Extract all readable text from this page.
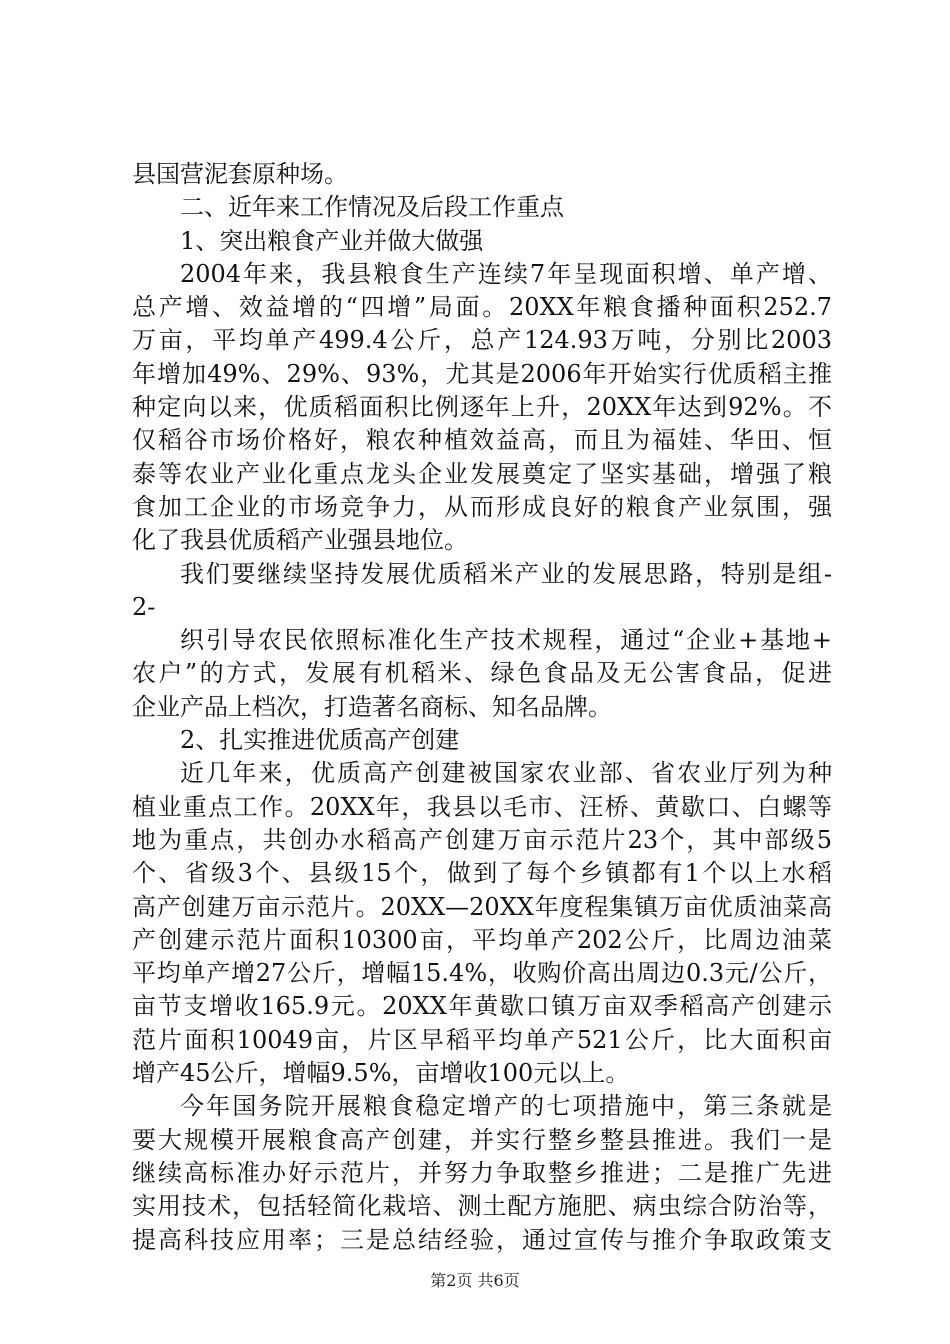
县国营泥套原种场。
二、近年来工作情况及后段工作重点
1、突出粮食产业并做大做强
2004年来，我县粮食生产连续7年呈现面积增、单产增、
总产增、效益增的“四增”局面。20XX年粮食播种面积252.7
万亩，平均单产499.4公斤，总产124.93万吨，分别比2003
年增加49%、29%、93%，尤其是2006年开始实行优质稻主推
种定向以来，优质稻面积比例逐年上升，20XX年达到92%。不
仅稻谷市场价格好，粮农种植效益高，而且为福娃、华田、恒
泰等农业产业化重点龙头企业发展奠定了坚实基础，增强了粮
食加工企业的市场竞争力，从而形成良好的粮食产业氛围，强
化了我县优质稻产业强县地位。
我们要继续坚持发展优质稻米产业的发展思路，特别是组-
2-
织引导农民依照标准化生产技术规程，通过“企业+基地+
农户”的方式，发展有机稻米、绿色食品及无公害食品，促进
企业产品上档次，打造著名商标、知名品牌。
2、扎实推进优质高产创建
近几年来，优质高产创建被国家农业部、省农业厅列为种
植业重点工作。20XX年，我县以毛市、汪桥、黄歇口、白螺等
地为重点，共创办水稻高产创建万亩示范片23个，其中部级5
个、省级3个、县级15个，做到了每个乡镇都有1个以上水稻
高产创建万亩示范片。20XX—20XX年度程集镇万亩优质油菜高
产创建示范片面积10300亩，平均单产202公斤，比周边油菜
平均单产增27公斤，增幅15.4%，收购价高出周边0.3元/公斤，
亩节支增收165.9元。20XX年黄歇口镇万亩双季稻高产创建示
范片面积10049亩，片区早稻平均单产521公斤，比大面积亩
增产45公斤，增幅9.5%，亩增收100元以上。
今年国务院开展粮食稳定增产的七项措施中，第三条就是
要大规模开展粮食高产创建，并实行整乡整县推进。我们一是
继续高标准办好示范片，并努力争取整乡推进；二是推广先进
实用技术，包括轻简化栽培、测土配方施肥、病虫综合防治等，
提高科技应用率；三是总结经验，通过宣传与推介争取政策支
第2页 共6页
